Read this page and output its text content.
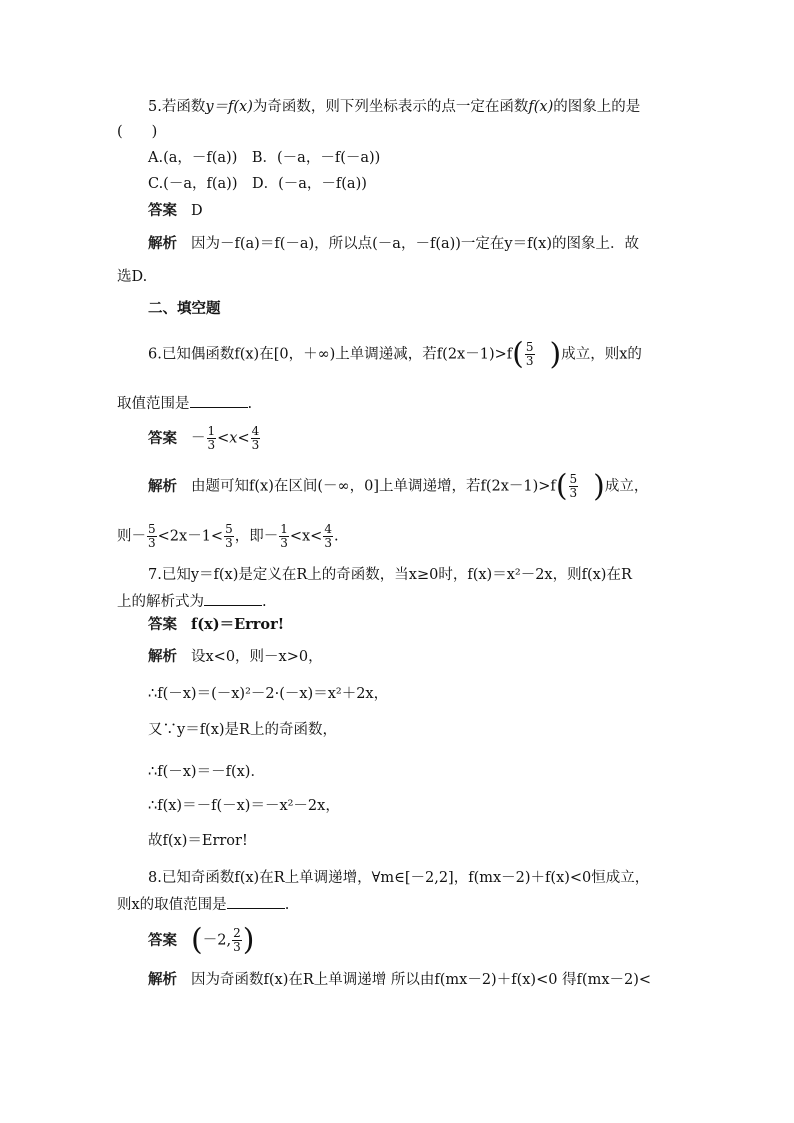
5.若函数y＝f(x)为奇函数，则下列坐标表示的点一定在函数f(x)的图象上的是
(　　)
A.(a，－f(a))　B．(－a，－f(－a))
C.(－a，f(a))　D．(－a，－f(a))
答案 D
解析 因为－f(a)＝f(－a)，所以点(－a，－f(a))一定在y＝f(x)的图象上．故
选D.
二、填空题
6.已知偶函数f(x)在[0，＋∞)上单调递减，若$f(2x-1)>f( \frac{5}{3}$ )成立，则x的
取值范围是	.
答案 － $\frac{1}{3} <x< \frac{4}{3}$
解析 由题可知f(x)在区间(－∞，0]上单调递增，若$f(2x-1)>f( \frac{5}{3}$ )成立，
则－ $\frac{5}{3} <2x-1< \frac{5}{3}$ ，即－ $\frac{1}{3} <x< \frac{4}{3}$ .
7.已知y＝f(x)是定义在R上的奇函数，当x≥0时，f(x)＝x²－2x，则f(x)在R
上的解析式为	.
答案 f(x)＝Error!
解析 设x<0，则－x>0，
∴f(－x)＝(－x)²－2·(－x)＝x²＋2x，
又∵y＝f(x)是R上的奇函数，
∴f(－x)＝－f(x)．
∴f(x)＝－f(－x)＝－x²－2x，
故f(x)＝Error!
8.已知奇函数f(x)在R上单调递增，∀m∈[－2,2]，f(mx－2)＋f(x)<0恒成立，
则x的取值范围是	.
答案 (－2, $\frac{2}{3}$ )
解析 因为奇函数f(x)在R上单调递增 所以由f(mx－2)＋f(x)<0 得f(mx－2)<
